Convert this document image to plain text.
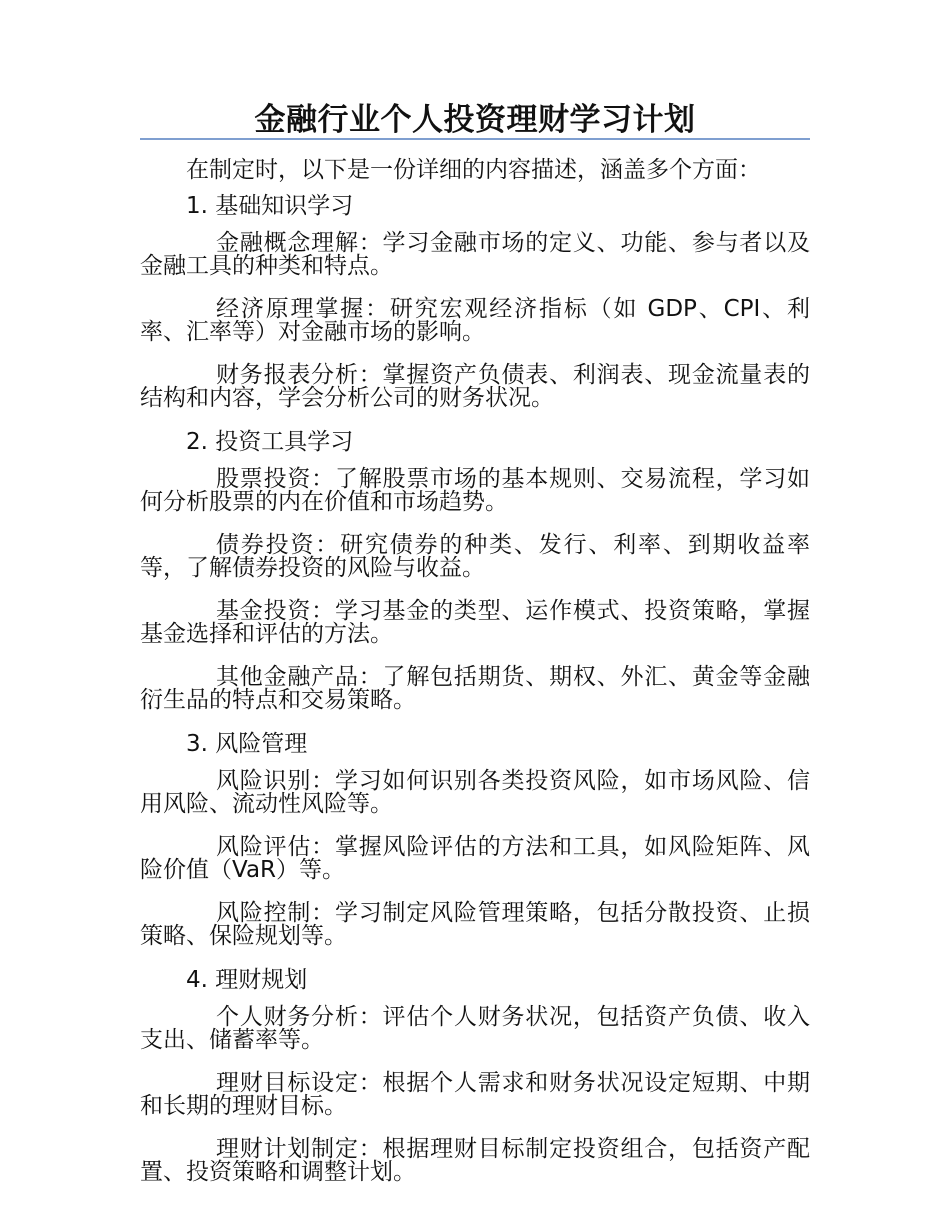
金融行业个人投资理财学习计划

在制定时，以下是一份详细的内容描述，涵盖多个方面：

1. 基础知识学习

金融概念理解：学习金融市场的定义、功能、参与者以及金融工具的种类和特点。

经济原理掌握：研究宏观经济指标（如 GDP、CPI、利率、汇率等）对金融市场的影响。

财务报表分析：掌握资产负债表、利润表、现金流量表的结构和内容，学会分析公司的财务状况。

2. 投资工具学习

股票投资：了解股票市场的基本规则、交易流程，学习如何分析股票的内在价值和市场趋势。

债券投资：研究债券的种类、发行、利率、到期收益率等，了解债券投资的风险与收益。

基金投资：学习基金的类型、运作模式、投资策略，掌握基金选择和评估的方法。

其他金融产品：了解包括期货、期权、外汇、黄金等金融衍生品的特点和交易策略。

3. 风险管理

风险识别：学习如何识别各类投资风险，如市场风险、信用风险、流动性风险等。

风险评估：掌握风险评估的方法和工具，如风险矩阵、风险价值（VaR）等。

风险控制：学习制定风险管理策略，包括分散投资、止损策略、保险规划等。

4. 理财规划

个人财务分析：评估个人财务状况，包括资产负债、收入支出、储蓄率等。

理财目标设定：根据个人需求和财务状况设定短期、中期和长期的理财目标。

理财计划制定：根据理财目标制定投资组合，包括资产配置、投资策略和调整计划。
